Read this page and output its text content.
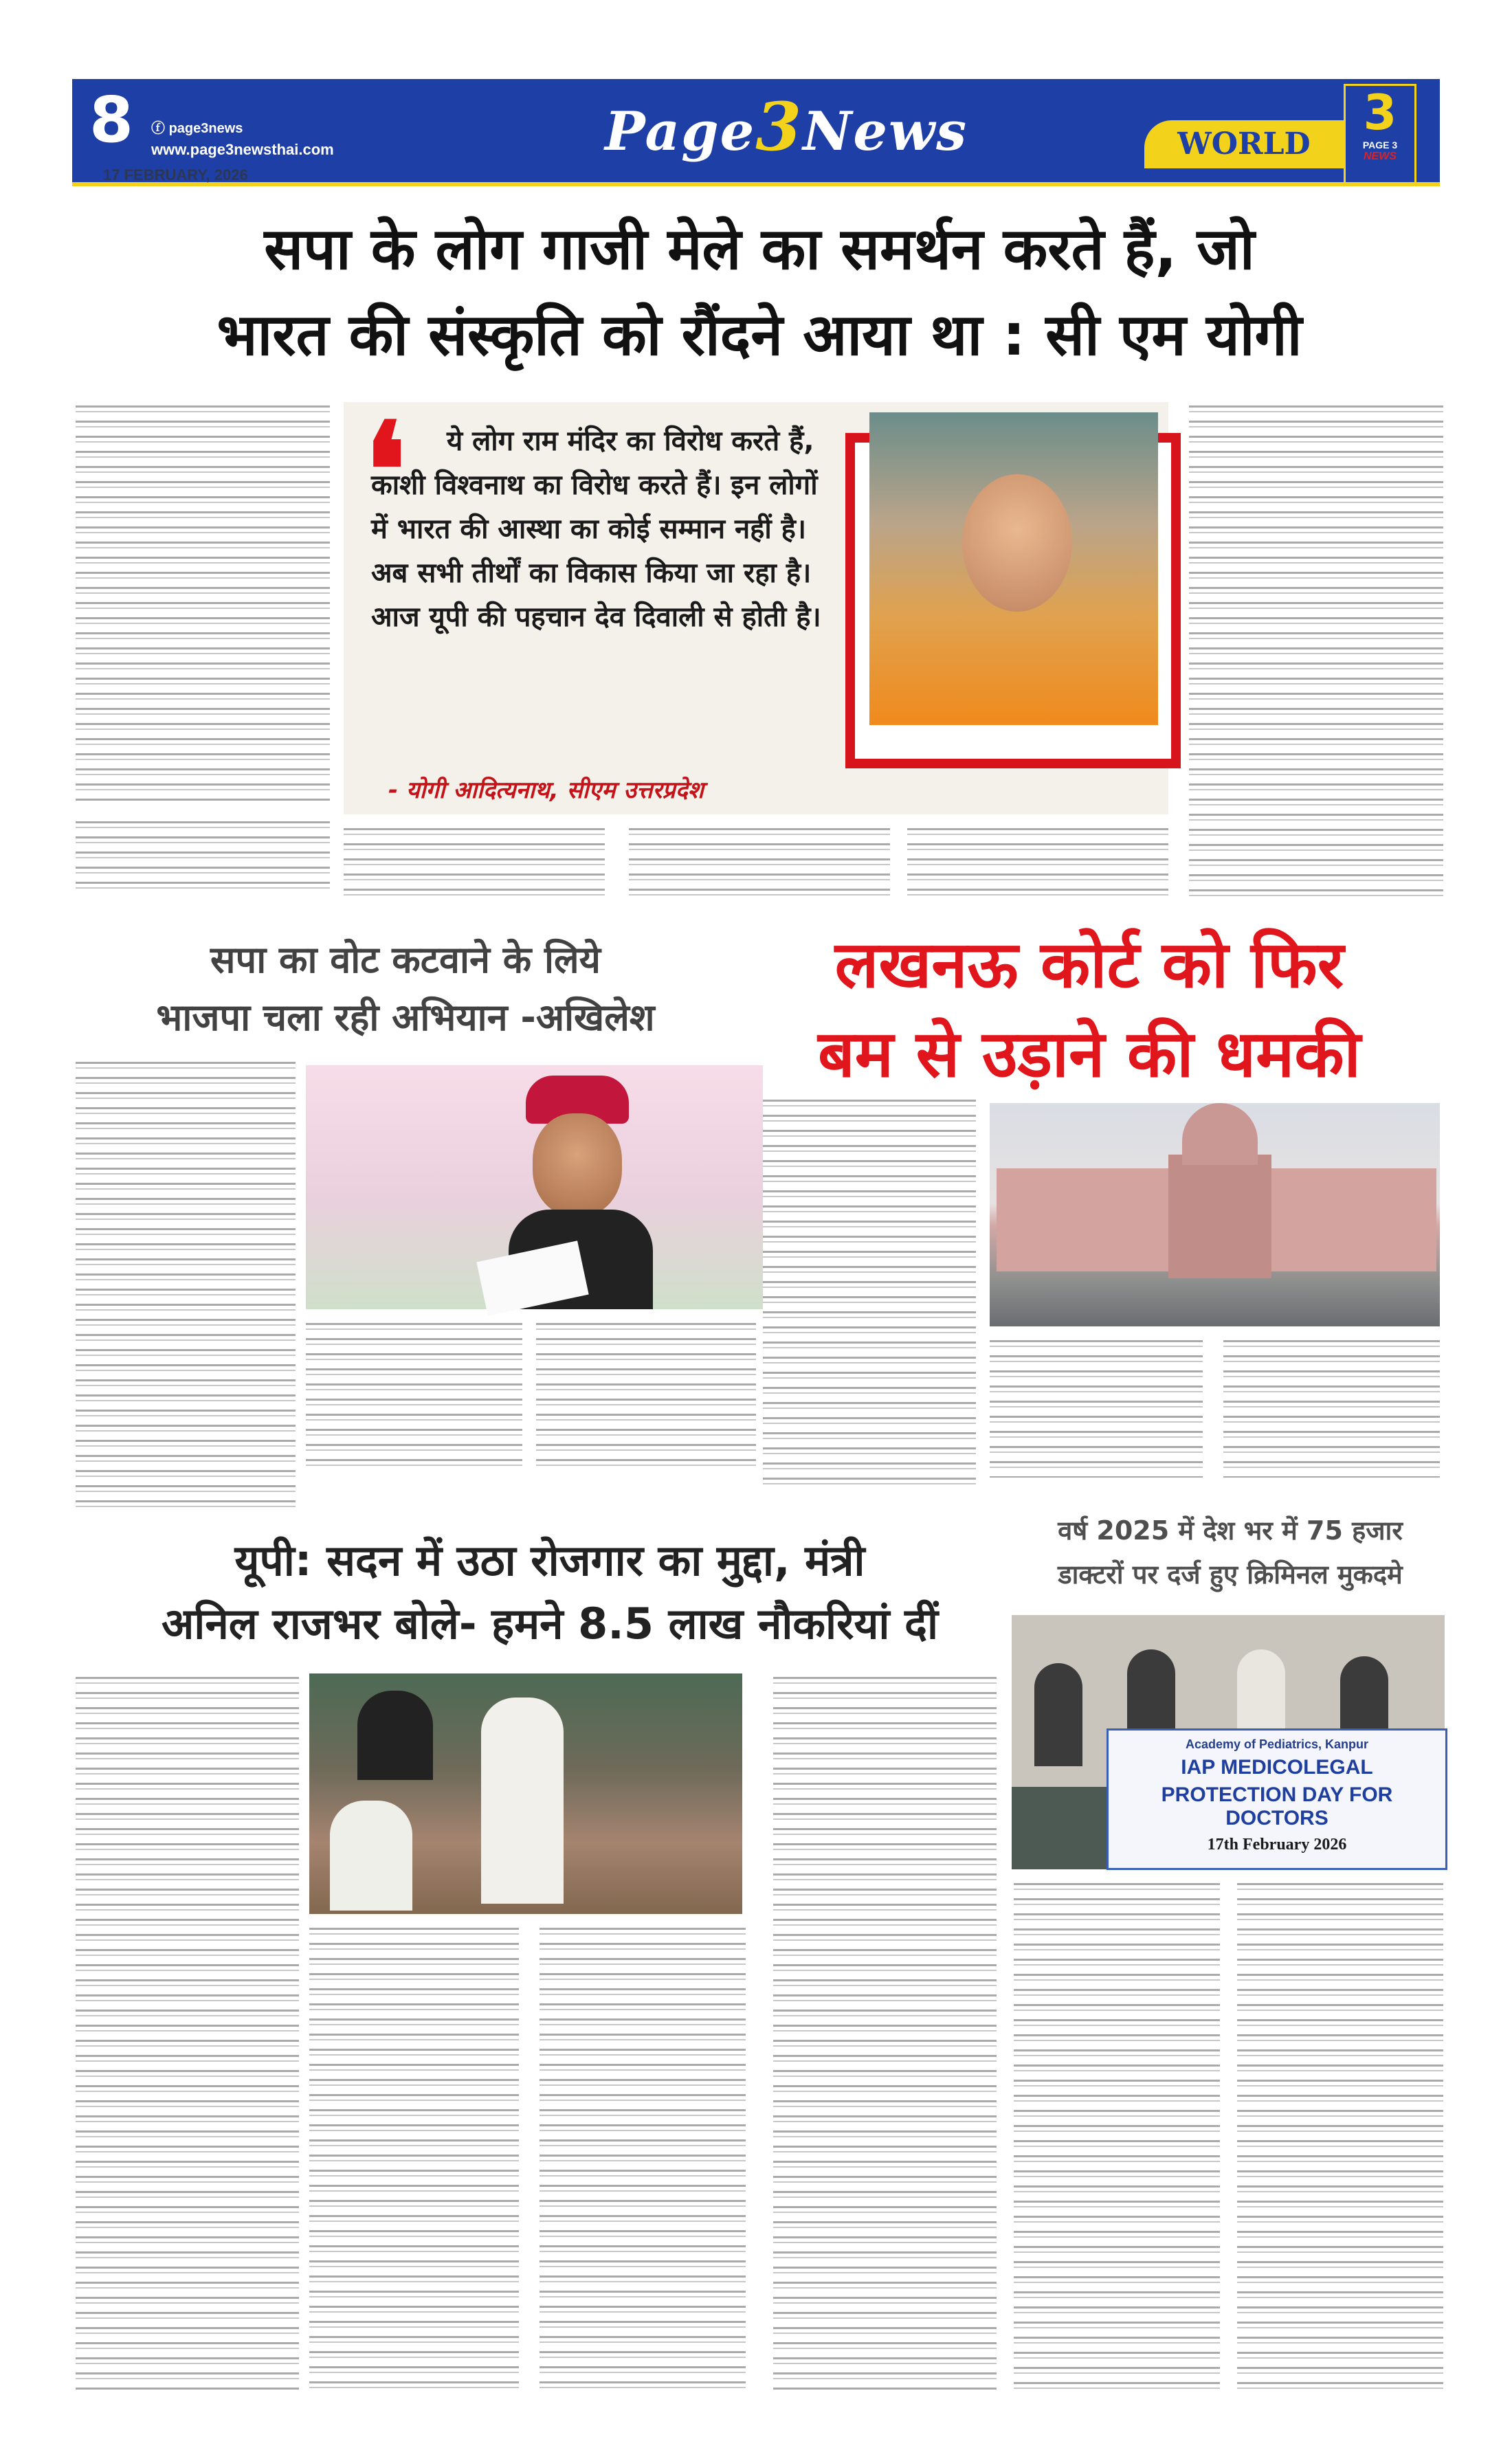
8	ⓕ page3news
www.page3newsthai.com	Page3News	WORLD
3
PAGE 3
NEWS
17 FEBRUARY, 2026
सपा के लोग गाजी मेले का समर्थन करते हैं, जो
भारत की संस्कृति को रौंदने आया था : सी एम योगी
❛	ये लोग राम मंदिर का विरोध करते हैं, काशी विश्वनाथ का विरोध करते हैं। इन लोगों में भारत की आस्था का कोई सम्मान नहीं है। अब सभी तीर्थों का विकास किया जा रहा है। आज यूपी की पहचान देव दिवाली से होती है।
- योगी आदित्यनाथ, सीएम उत्तरप्रदेश
सपा का वोट कटवाने के लिये
भाजपा चला रही अभियान -अखिलेश
लखनऊ कोर्ट को फिर
बम से उड़ाने की धमकी
यूपी: सदन में उठा रोजगार का मुद्दा, मंत्री
अनिल राजभर बोले- हमने 8.5 लाख नौकरियां दीं
वर्ष 2025 में देश भर में 75 हजार
डाक्टरों पर दर्ज हुए क्रिमिनल मुकदमे
Academy of Pediatrics, Kanpur
IAP MEDICOLEGAL
PROTECTION DAY FOR DOCTORS
17th February 2026
